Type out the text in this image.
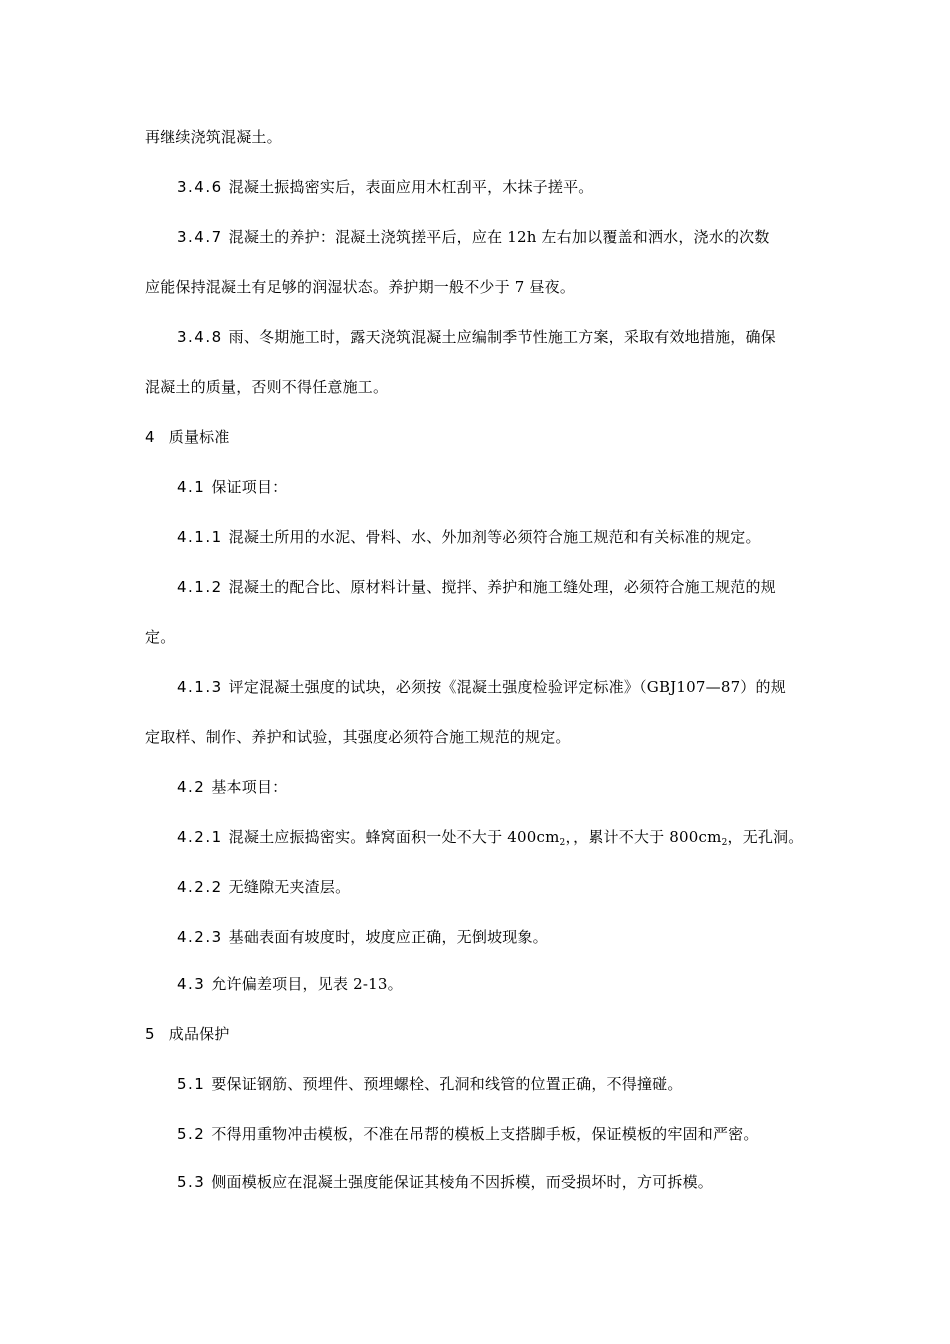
再继续浇筑混凝土。
3.4.6 混凝土振捣密实后，表面应用木杠刮平，木抹子搓平。
3.4.7 混凝土的养护：混凝土浇筑搓平后，应在 12h 左右加以覆盖和洒水，浇水的次数
应能保持混凝土有足够的润湿状态。养护期一般不少于 7 昼夜。
3.4.8 雨、冬期施工时，露天浇筑混凝土应编制季节性施工方案，采取有效地措施，确保
混凝土的质量，否则不得任意施工。
4 质量标准
4.1 保证项目：
4.1.1 混凝土所用的水泥、骨料、水、外加剂等必须符合施工规范和有关标准的规定。
4.1.2 混凝土的配合比、原材料计量、搅拌、养护和施工缝处理，必须符合施工规范的规
定。
4.1.3 评定混凝土强度的试块，必须按《混凝土强度检验评定标准》（GBJ107—87）的规
定取样、制作、养护和试验，其强度必须符合施工规范的规定。
4.2 基本项目：
4.2.1 混凝土应振捣密实。蜂窝面积一处不大于 $400cm_2$，，累计不大于 $800cm_2$，无孔洞。
4.2.2 无缝隙无夹渣层。
4.2.3 基础表面有坡度时，坡度应正确，无倒坡现象。
4.3 允许偏差项目，见表 2-13。
5 成品保护
5.1 要保证钢筋、预埋件、预埋螺栓、孔洞和线管的位置正确，不得撞碰。
5.2 不得用重物冲击模板，不准在吊帮的模板上支搭脚手板，保证模板的牢固和严密。
5.3 侧面模板应在混凝土强度能保证其棱角不因拆模，而受损坏时，方可拆模。
